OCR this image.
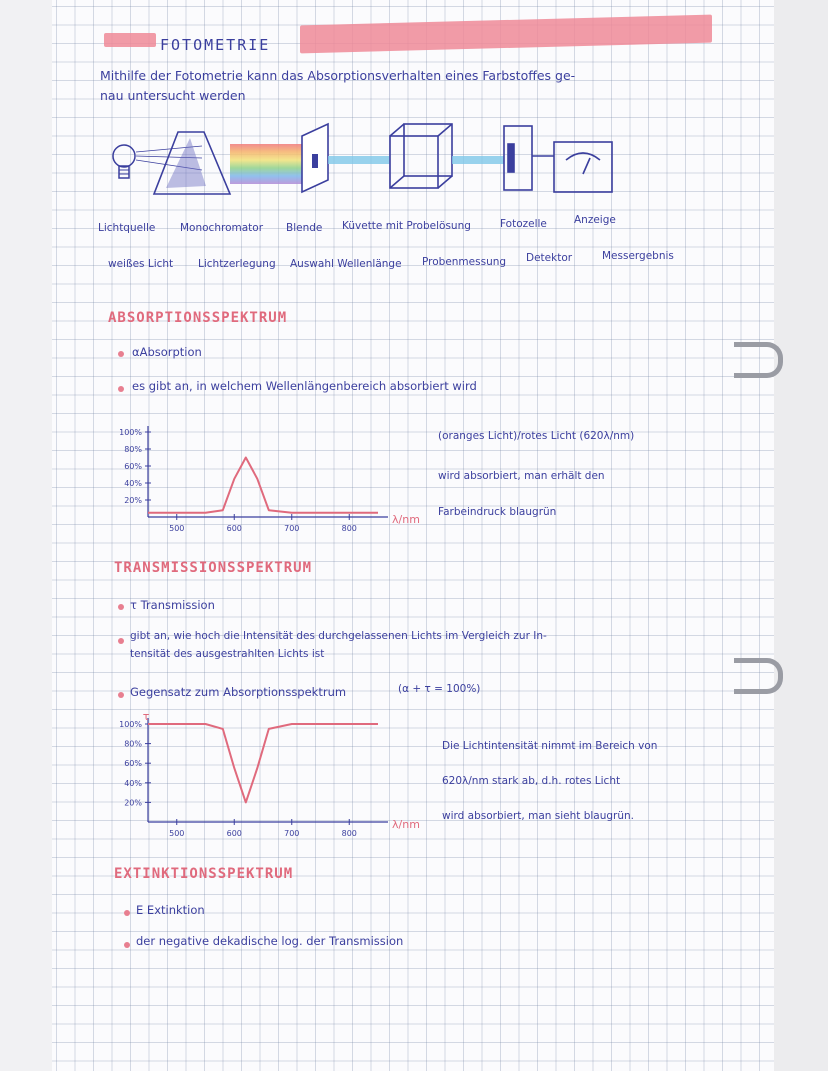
FOTOMETRIE
Mithilfe der Fotometrie kann das Absorptionsverhalten eines Farbstoffes ge-
nau untersucht werden
Lichtquelle Monochromator Blende Küvette mit Probelösung	Fotozelle	Anzeige
weißes Licht Lichtzerlegung Auswahl Wellenlänge Probenmessung Detektor	Messergebnis
ABSORPTIONSSPEKTRUM
αAbsorption
es gibt an, in welchem Wellenlängenbereich absorbiert wird
100%
80%
60%
40%
20%
500	600	700	800
λ/nm
(oranges Licht)/rotes Licht (620λ/nm)
wird absorbiert, man erhält den
Farbeindruck blaugrün
TRANSMISSIONSSPEKTRUM
τ Transmission
gibt an, wie hoch die Intensität des durchgelassenen Lichts im Vergleich zur In-
tensität des ausgestrahlten Lichts ist
Gegensatz zum Absorptionsspektrum	(α + τ = 100%)
100%
80%
60%
40%
20%
500	600	700	800
λ/nm
τ
Die Lichtintensität nimmt im Bereich von
620λ/nm stark ab, d.h. rotes Licht
wird absorbiert, man sieht blaugrün.
EXTINKTIONSSPEKTRUM
E Extinktion
der negative dekadische log. der Transmission
